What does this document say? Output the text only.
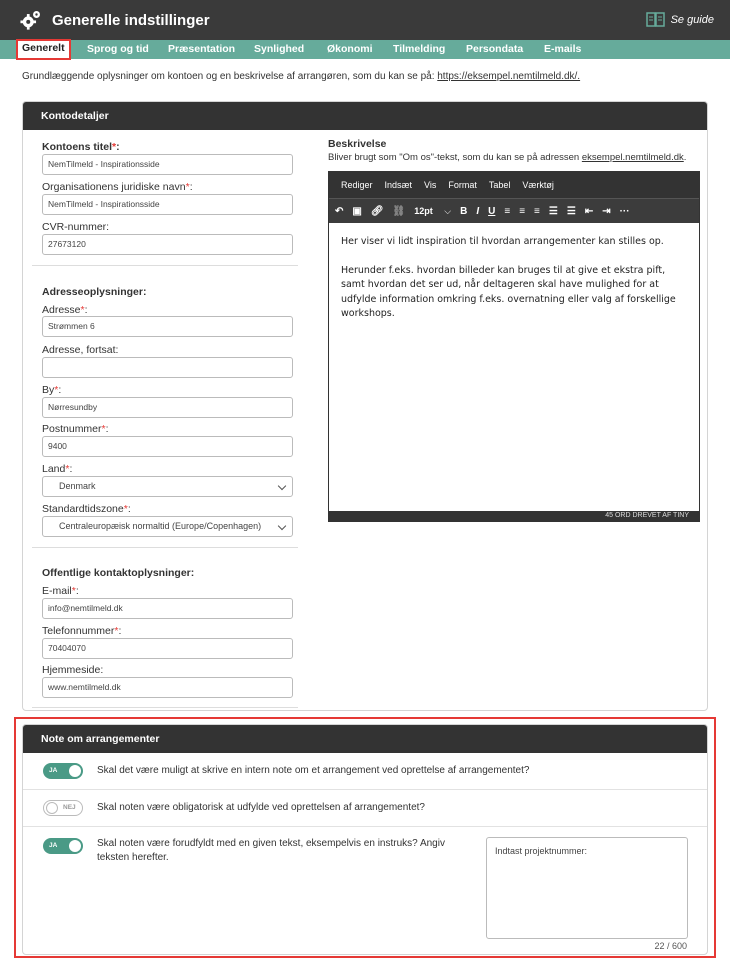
Generelle indstillinger	Se guide
Generelt	Sprog og tid Præsentation Synlighed Økonomi Tilmelding Persondata E-mails
Grundlæggende oplysninger om kontoen og en beskrivelse af arrangøren, som du kan se på: https://eksempel.nemtilmeld.dk/.
Kontodetaljer
Kontoens titel*:
NemTilmeld - Inspirationsside
Organisationens juridiske navn*:
NemTilmeld - Inspirationsside
CVR-nummer:
27673120
Adresseoplysninger:
Adresse*:
Strømmen 6
Adresse, fortsat:
By*:
Nørresundby
Postnummer*:
9400
Land*:
Denmark
Standardtidszone*:
Centraleuropæisk normaltid (Europe/Copenhagen)
Offentlige kontaktoplysninger:
E-mail*:
info@nemtilmeld.dk
Telefonnummer*:
70404070
Hjemmeside:
www.nemtilmeld.dk
Beskrivelse
Bliver brugt som "Om os"-tekst, som du kan se på adressen eksempel.nemtilmeld.dk.
Rediger Indsæt Vis Format Tabel Værktøj
↶ ▣ 🔗︎ ⛓︎ 12pt ⌵ B I U ≡ ≡ ≡ ☰ ☰ ⇤ ⇥ ···

Her viser vi lidt inspiration til hvordan arrangementer kan stilles op.

Herunder f.eks. hvordan billeder kan bruges til at give et ekstra pift, samt hvordan det ser ud, når deltageren skal have mulighed for at udfylde information omkring f.eks. overnatning eller valg af forskellige workshops.

45 ORD DREVET AF TINY
Note om arrangementer
JA	Skal det være muligt at skrive en intern note om et arrangement ved oprettelse af arrangementet?
NEJ	Skal noten være obligatorisk at udfylde ved oprettelsen af arrangementet?
JA	Skal noten være forudfyldt med en given tekst, eksempelvis en instruks? Angiv teksten herefter.
Indtast projektnummer:
22 / 600
